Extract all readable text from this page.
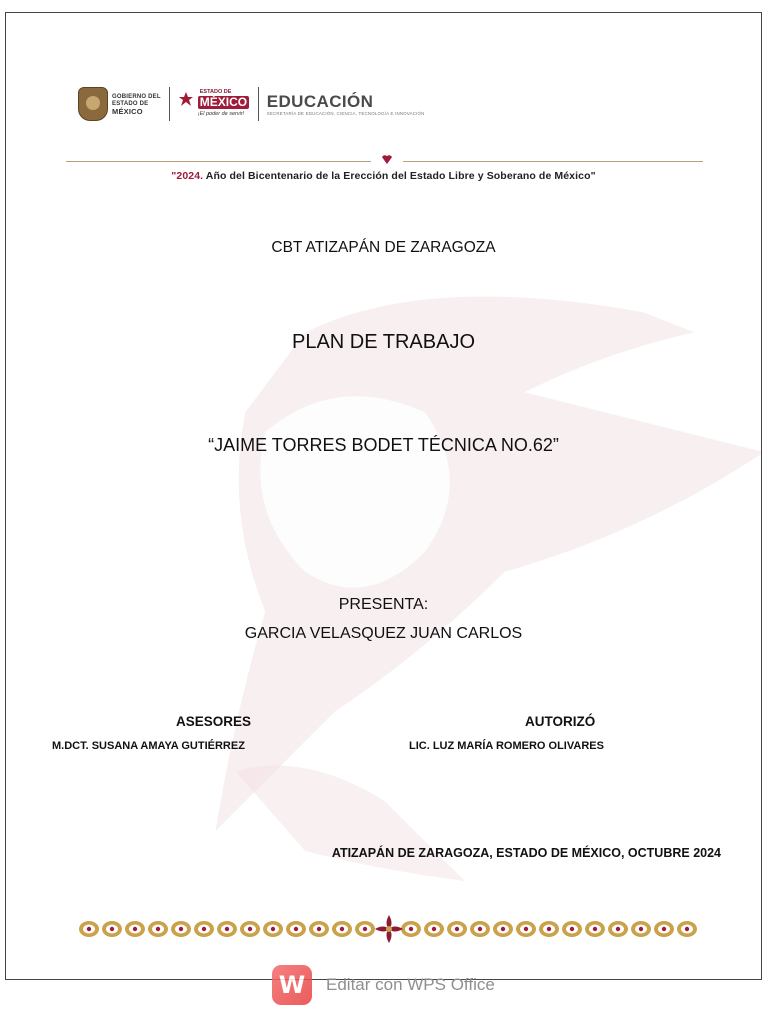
GOBIERNO DEL
ESTADO DE
MÉXICO
ESTADO DE
MÉXICO
¡El poder de servir!
EDUCACIÓN
SECRETARÍA DE EDUCACIÓN, CIENCIA, TECNOLOGÍA E INNOVACIÓN
"2024. Año del Bicentenario de la Erección del Estado Libre y Soberano de México"
CBT ATIZAPÁN DE ZARAGOZA
PLAN DE TRABAJO
“JAIME TORRES BODET TÉCNICA NO.62”
PRESENTA:
GARCIA VELASQUEZ JUAN CARLOS
ASESORES
M.DCT. SUSANA AMAYA GUTIÉRREZ
AUTORIZÓ
LIC. LUZ MARÍA ROMERO OLIVARES
ATIZAPÁN DE ZARAGOZA, ESTADO DE MÉXICO, OCTUBRE 2024
W	Editar con WPS Office
